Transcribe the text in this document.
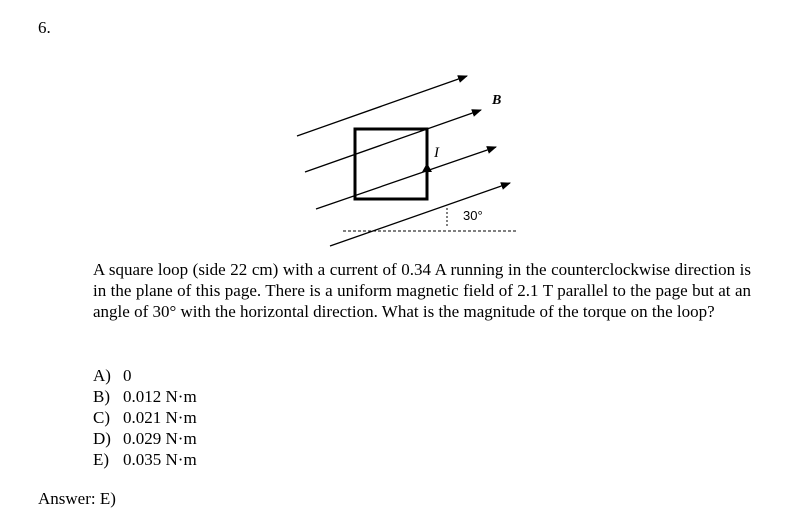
6.
I
B
30°

A square loop (side 22 cm) with a current of 0.34 A running in the counterclockwise direction is in the plane of this page. There is a uniform magnetic field of 2.1 T parallel to the page but at an angle of 30° with the horizontal direction. What is the magnitude of the torque on the loop?

A) 0
B) 0.012 N·m
C) 0.021 N·m
D) 0.029 N·m
E) 0.035 N·m
Answer: E)
